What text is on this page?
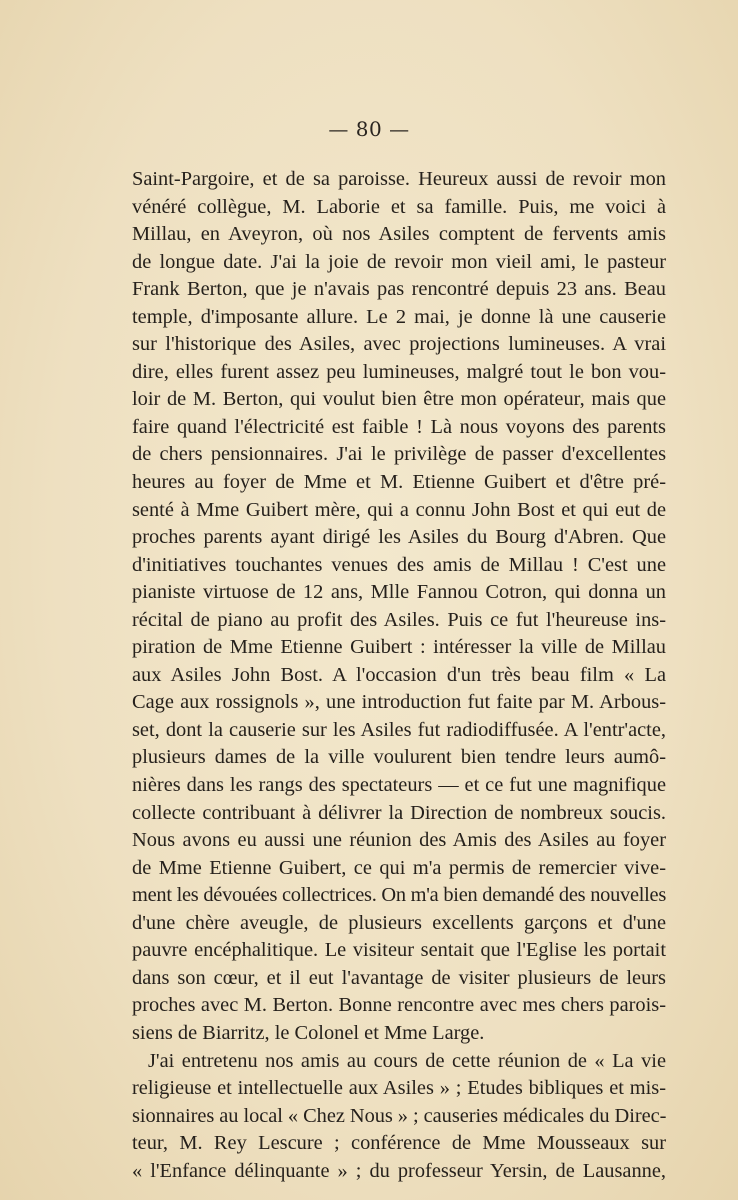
— 80 —

Saint-Pargoire, et de sa paroisse. Heureux aussi de revoir mon
vénéré collègue, M. Laborie et sa famille. Puis, me voici à
Millau, en Aveyron, où nos Asiles comptent de fervents amis
de longue date. J'ai la joie de revoir mon vieil ami, le pasteur
Frank Berton, que je n'avais pas rencontré depuis 23 ans. Beau
temple, d'imposante allure. Le 2 mai, je donne là une causerie
sur l'historique des Asiles, avec projections lumineuses. A vrai
dire, elles furent assez peu lumineuses, malgré tout le bon vou-
loir de M. Berton, qui voulut bien être mon opérateur, mais que
faire quand l'électricité est faible ! Là nous voyons des parents
de chers pensionnaires. J'ai le privilège de passer d'excellentes
heures au foyer de Mme et M. Etienne Guibert et d'être pré-
senté à Mme Guibert mère, qui a connu John Bost et qui eut de
proches parents ayant dirigé les Asiles du Bourg d'Abren. Que
d'initiatives touchantes venues des amis de Millau ! C'est une
pianiste virtuose de 12 ans, Mlle Fannou Cotron, qui donna un
récital de piano au profit des Asiles. Puis ce fut l'heureuse ins-
piration de Mme Etienne Guibert : intéresser la ville de Millau
aux Asiles John Bost. A l'occasion d'un très beau film « La
Cage aux rossignols », une introduction fut faite par M. Arbous-
set, dont la causerie sur les Asiles fut radiodiffusée. A l'entr'acte,
plusieurs dames de la ville voulurent bien tendre leurs aumô-
nières dans les rangs des spectateurs — et ce fut une magnifique
collecte contribuant à délivrer la Direction de nombreux soucis.
Nous avons eu aussi une réunion des Amis des Asiles au foyer
de Mme Etienne Guibert, ce qui m'a permis de remercier vive-
ment les dévouées collectrices. On m'a bien demandé des nouvelles
d'une chère aveugle, de plusieurs excellents garçons et d'une
pauvre encéphalitique. Le visiteur sentait que l'Eglise les portait
dans son cœur, et il eut l'avantage de visiter plusieurs de leurs
proches avec M. Berton. Bonne rencontre avec mes chers parois-
siens de Biarritz, le Colonel et Mme Large.

J'ai entretenu nos amis au cours de cette réunion de « La vie
religieuse et intellectuelle aux Asiles » ; Etudes bibliques et mis-
sionnaires au local « Chez Nous » ; causeries médicales du Direc-
teur, M. Rey Lescure ; conférence de Mme Mousseaux sur
« l'Enfance délinquante » ; du professeur Yersin, de Lausanne,
